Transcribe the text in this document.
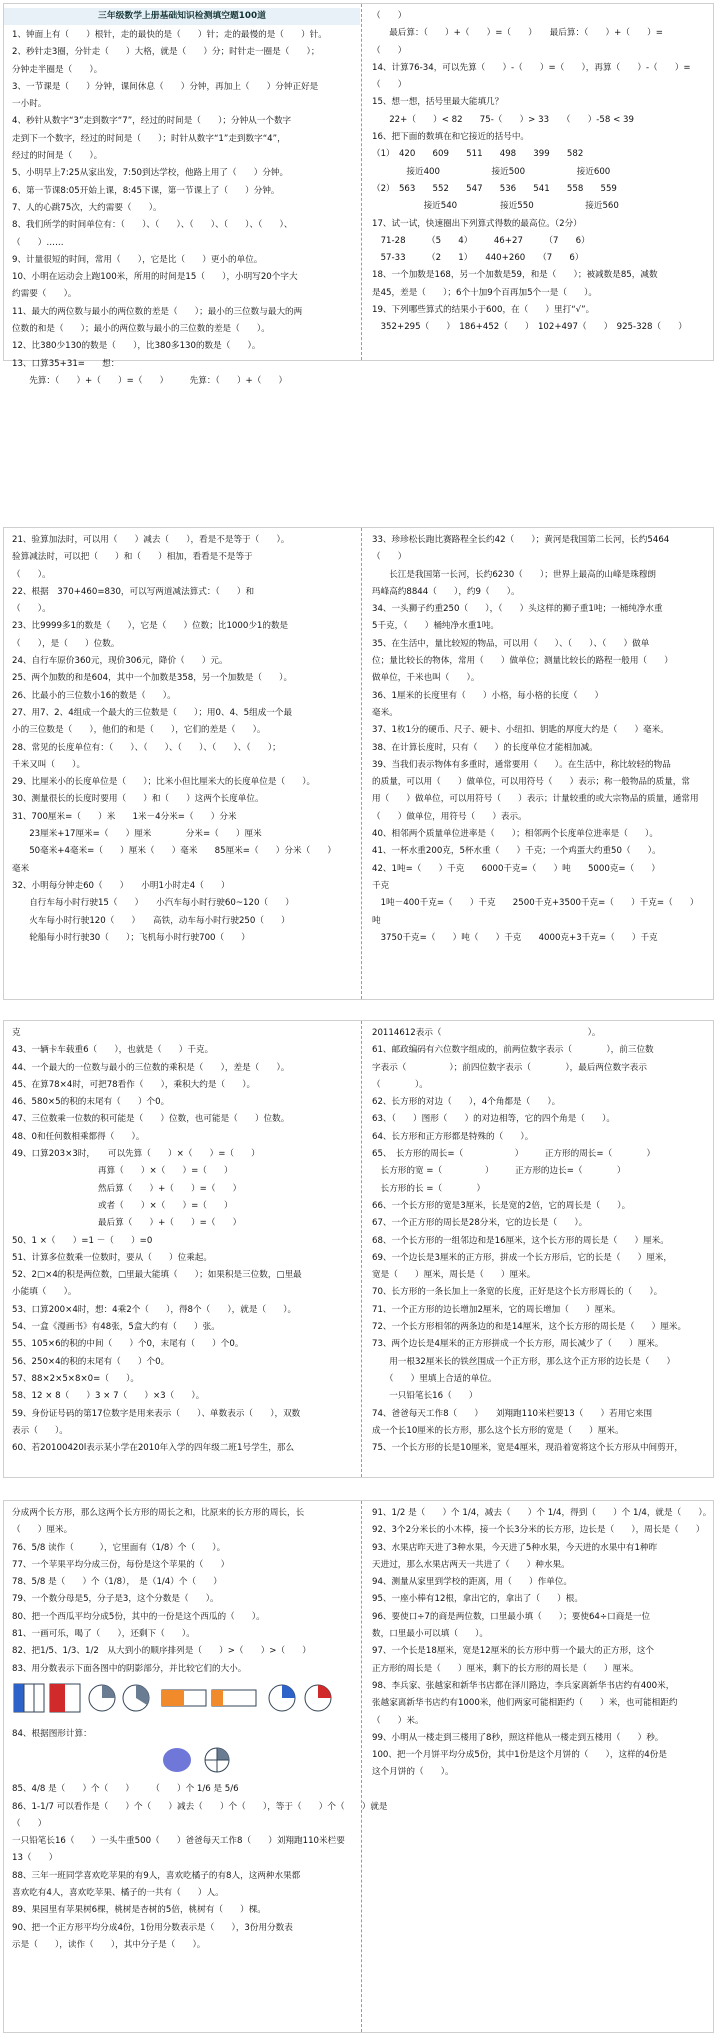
三年级数学上册基础知识检测填空题100道
1、钟面上有（　　）根针，走的最快的是（　　）针；走的最慢的是（　　）针。
2、秒针走3圈，分针走（　　）大格，就是（　　）分；时针走一圈是（　　）；
分钟走半圈是（　　）。
3、一节课是（　　）分钟，课间休息（　　）分钟，再加上（　　）分钟正好是
一小时。
4、秒针从数字“3”走到数字“7”，经过的时间是（　　）；分钟从一个数字
走到下一个数字，经过的时间是（　　）；时针从数字“1”走到数字“4”，
经过的时间是（　　）。
5、小明早上7:25从家出发，7:50到达学校，他路上用了（　　）分钟。
6、第一节课8:05开始上课，8:45下课，第一节课上了（　　）分钟。
7、人的心跳75次，大约需要（　　）。
8、我们所学的时间单位有：（　　）、（　　）、（　　）、（　　）、（　　）、
（　　）……
9、计量很短的时间，常用（　　），它是比（　　）更小的单位。
10、小明在运动会上跑100米，所用的时间是15（　　），小明写20个字大
约需要（　　）。
11、最大的两位数与最小的两位数的差是（　　）；最小的三位数与最大的两
位数的和是（　　）；最小的两位数与最小的三位数的差是（　　）。
12、比380少130的数是（　　），比380多130的数是（　　）。
13、口算35+31=　　想：
　　先算：（　　）+（　　）=（　　）　　　先算：（　　）+（　　）
（　　）
　　最后算：（　　）+（　　）=（　　）　　最后算：（　　）+（　　）=
（　　）
14、计算76-34，可以先算（　　）-（　　）=（　　），再算（　　）-（　　）=
（　　）
15、想一想，括号里最大能填几？
　　22+（　　）< 82　　75-（　　）> 33　　（　　）-58 < 39
16、把下面的数填在和它接近的括号中。
（1）　420　　609　　511　　498　　399　　582
　　　　接近400　　　　　　接近500　　　　　　接近600
（2）　563　　552　　547　　536　　541　　558　　559
　　　　　　接近540　　　　　接近550　　　　　　接近560
17、试一试，快速圈出下列算式得数的最高位。（2分）
　71-28　　　（5　　4）　　　46+27　　　（7　　6）
　57-33　　　（2　　1）　　440+260　　（7　　6）
18、一个加数是168，另一个加数是59，和是（　　）；被减数是85，减数
是45，差是（　　）；6个十加9个百再加5个一是（　　）。
19、下列哪些算式的结果小于600，在（　　）里打“√”。
　352+295（　　）　186+452（　　）　102+497（　　）　925-328（　　）
21、验算加法时，可以用（　　）减去（　　），看是不是等于（　　）。
验算减法时，可以把（　　）和（　　）相加，看看是不是等于
（　　）。
22、根据　370+460=830，可以写两道减法算式：（　　）和
（　　）。
23、比9999多1的数是（　　），它是（　　）位数；比1000少1的数是
（　　），是（　　）位数。
24、自行车原价360元，现价306元，降价（　　）元。
25、两个加数的和是604，其中一个加数是358，另一个加数是（　　）。
26、比最小的三位数小16的数是（　　）。
27、用7、2、4组成一个最大的三位数是（　　）；用0、4、5组成一个最
小的三位数是（　　），他们的和是（　　），它们的差是（　　）。
28、常见的长度单位有：（　　）、（　　）、（　　）、（　　）、（　　）；
千米又叫（　　）。
29、比厘米小的长度单位是（　　）；比米小但比厘米大的长度单位是（　　）。
30、测量很长的长度时要用（　　）和（　　）这两个长度单位。
31、700厘米=（　　）米　　1米－4分米=（　　）分米
　　23厘米+17厘米=（　　）厘米　　　　分米=（　　）厘米
　　50毫米+4毫米=（　　）厘米（　　）毫米　　85厘米=（　　）分米（　　）
毫米
32、小明每分钟走60（　　）　　小明1小时走4（　　）
　　自行车每小时行驶15（　　）　　小汽车每小时行驶60~120（　　）
　　火车每小时行驶120（　　）　　高铁，动车每小时行驶250（　　）
　　轮船每小时行驶30（　　）；飞机每小时行驶700（　　）
33、珍珍松长跑比赛路程全长约42（　　）；黄河是我国第二长河，长约5464
（　　）
　　长江是我国第一长河，长约6230（　　）；世界上最高的山峰是珠穆朗
玛峰高约8844（　　），约9（　　）。
34、一头狮子约重250（　　），（　　）头这样的狮子重1吨；一桶纯净水重
5千克，（　　）桶纯净水重1吨。
35、在生活中，量比较短的物品，可以用（　　）、（　　）、（　　）做单
位；量比较长的物体，常用（　　）做单位；测量比较长的路程一般用（　　）
做单位，千米也叫（　　）。
36、1厘米的长度里有（　　）小格，每小格的长度（　　）
毫米。
37、1枚1分的硬币、尺子、硬卡、小纽扣、钥匙的厚度大约是（　　）毫米。
38、在计算长度时，只有（　　）的长度单位才能相加减。
39、当我们表示物体有多重时，通常要用（　　）。在生活中，称比较轻的物品
的质量，可以用（　　）做单位，可以用符号（　　）表示；称一般物品的质量，常
用（　　）做单位，可以用符号（　　）表示；计量较重的或大宗物品的质量，通常用
（　　）做单位，用符号（　　）表示。
40、相邻两个质量单位进率是（　　）；相邻两个长度单位进率是（　　）。
41、一杯水重200克，5杯水重（　　）千克；一个鸡蛋大约重50（　　）。
42、1吨=（　　）千克　　6000千克=（　　）吨　　5000克=（　　）
千克
　1吨－400千克=（　　）千克　　2500千克+3500千克=（　　）千克=（　　）
吨
　3750千克=（　　）吨（　　）千克　　4000克+3千克=（　　）千克
克
43、一辆卡车载重6（　　），也就是（　　）千克。
44、一个最大的一位数与最小的三位数的乘积是（　　），差是（　　）。
45、在算78×4时，可把78看作（　　），乘积大约是（　　）。
46、580×5的积的末尾有（　　）个0。
47、三位数乘一位数的积可能是（　　）位数，也可能是（　　）位数。
48、0和任何数相乘都得（　　）。
49、口算203×3时，　　可以先算（　　）×（　　）=（　　）
　　　　　　　　　　再算（　　）×（　　）=（　　）
　　　　　　　　　　然后算（　　）+（　　）=（　　）
　　　　　　　　　　或者（　　）×（　　）=（　　）
　　　　　　　　　　最后算（　　）+（　　）=（　　）
50、1 ×（　　）=1 －（　　）=0
51、计算多位数乘一位数时，要从（　　）位乘起。
52、2□×4的积是两位数，□里最大能填（　　）；如果积是三位数，□里最
小能填（　　）。
53、口算200×4时，想：4乘2个（　　），得8个（　　），就是（　　）。
54、一盒《漫画书》有48张，5盒大约有（　　）张。
55、105×6的积的中间（　　）个0，末尾有（　　）个0。
56、250×4的积的末尾有（　　）个0。
57、88×2×5×8×0=（　　）。
58、12 × 8（　　）3 × 7（　　）×3（　　）。
59、身份证号码的第17位数字是用来表示（　　）、单数表示（　　），双数
表示（　　）。
60、若20100420l表示某小学在2010年入学的四年级二班1号学生，那么
20114612表示（　　　　　　　　　　　　　　　　　）。
61、邮政编码有六位数字组成的，前两位数字表示（　　　　），前三位数
字表示（　　　　　）；前四位数字表示（　　　　），最后两位数字表示
（　　　　）。
62、长方形的对边（　　），4个角都是（　　）。
63、（　　）图形（　　）的对边相等，它的四个角是（　　）。
64、长方形和正方形都是特殊的（　　）。
65、　长方形的周长=（　　　　　　）　　　正方形的周长=（　　　　）
　长方形的宽 =（　　　　　）　　　正方形的边长=（　　　　）
　长方形的长 =（　　　　）
66、一个长方形的宽是3厘米，长是宽的2倍，它的周长是（　　）。
67、一个正方形的周长是28分米，它的边长是（　　）。
68、一个长方形的一组邻边和是16厘米，这个长方形的周长是（　　）厘米。
69、一个边长是3厘米的正方形，拼成一个长方形后，它的长是（　　）厘米，
宽是（　　）厘米，周长是（　　）厘米。
70、长方形的一条长加上一条宽的长度，正好是这个长方形周长的（　　）。
71、一个正方形的边长增加2厘米，它的周长增加（　　）厘米。
72、一个长方形相邻的两条边的和是14厘米，这个长方形的周长是（　　）厘米。
73、两个边长是4厘米的正方形拼成一个长方形，周长减少了（　　）厘米。
　　用一根32厘米长的铁丝围成一个正方形，那么这个正方形的边长是（　　）
　　（　　）里填上合适的单位。
　　一只铅笔长16（　　）
74、爸爸每天工作8（　　）　　刘翔跑110米栏要13（　　）若用它来围
成一个长10厘米的长方形，那么这个长方形的宽是（　　）厘米。
75、一个长方形的长是10厘米，宽是4厘米，现沿着宽将这个长方形从中间剪开，
分成两个长方形，那么这两个长方形的周长之和，比原来的长方形的周长，长
（　　）厘米。
76、5/8 读作（　　　），它里面有（1/8）个（　　）。
77、一个苹果平均分成三份，每份是这个苹果的（　　）
78、5/8 是（　　）个（1/8），　是（1/4）个（　　）
79、一个数分母是5，分子是3，这个分数是（　　）。
80、把一个西瓜平均分成5份，其中的一份是这个西瓜的（　　）。
81、一画可乐，喝了（　　），还剩下（　　）。
82、把1/5、1/3、1/2　从大到小的顺序排列是（　　）>（　　）>（　　）
83、用分数表示下面各图中的阴影部分，并比较它们的大小。
84、根据图形计算：
85、4/8 是（　　）个（　　）　　　（　　）个 1/6 是 5/6
86、1-1/7 可以看作是（　　）个（　　）减去（　　）个（　　），等于（　　）个（　　）就是
（　　）
一只铅笔长16（　　）一头牛重500（　　）爸爸每天工作8（　　）刘翔跑110米栏要
13（　　）
88、三年一班同学喜欢吃苹果的有9人，喜欢吃橘子的有8人，这两种水果都
喜欢吃有4人，喜欢吃苹果、橘子的一共有（　　）人。
89、果园里有苹果树6棵，桃树是杏树的5倍，桃树有（　　）棵。
90、把一个正方形平均分成4份，1份用分数表示是（　　），3份用分数表
示是（　　），读作（　　），其中分子是（　　）。
91、1/2 是（　　）个 1/4，减去（　　）个 1/4，得到（　　）个 1/4，就是（　　）。
92、3个2分米长的小木棒，接一个长3分米的长方形，边长是（　　），周长是（　　）
93、水果店昨天进了3种水果，今天进了5种水果，今天进的水果中有1种昨
天进过，那么水果店两天一共进了（　　）种水果。
94、测量从家里到学校的距离，用（　　）作单位。
95、一座小棒有12根，拿出它的，拿出了（　　）根。
96、要使口÷7的商是两位数，口里最小填（　　）；要使64÷口商是一位
数，口里最小可以填（　　）。
97、一个长是18厘米，宽是12厘米的长方形中剪一个最大的正方形，这个
正方形的周长是（　　）厘米，剩下的长方形的周长是（　　）厘米。
98、李兵家、张越家和新华书店都在泽川路边，李兵家离新华书店约有400米，
张越家离新华书店约有1000米，他们两家可能相距约（　　）米，也可能相距约
（　　）米。
99、小明从一楼走到三楼用了8秒，照这样他从一楼走到五楼用（　　）秒。
100、把一个月饼平均分成5份，其中1份是这个月饼的（　　），这样的4份是
这个月饼的（　　）。
